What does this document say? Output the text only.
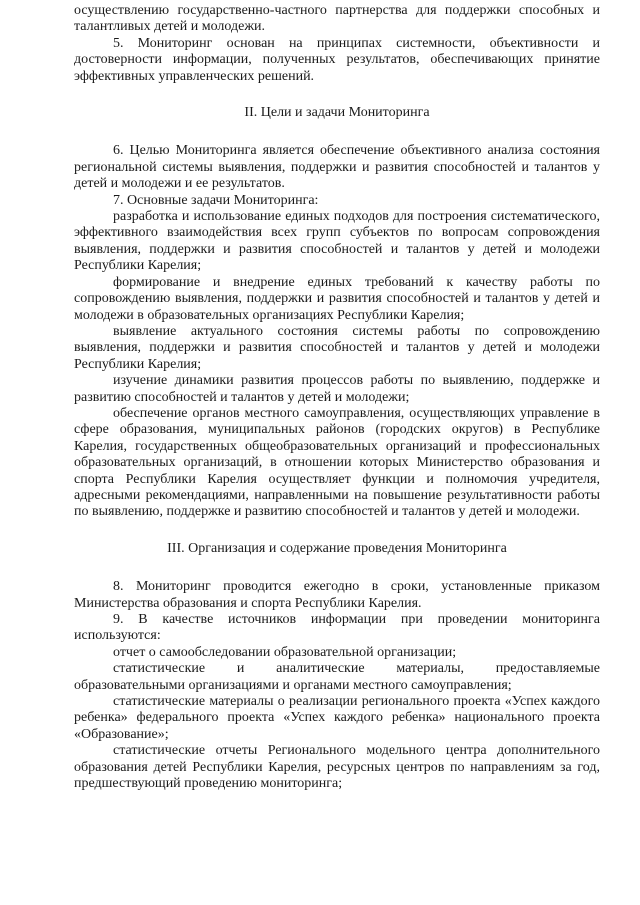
осуществлению государственно-частного партнерства для поддержки способных и талантливых детей и молодежи.

5. Мониторинг основан на принципах системности, объективности и достоверности информации, полученных результатов, обеспечивающих принятие эффективных управленческих решений.

II. Цели и задачи Мониторинга

6. Целью Мониторинга является обеспечение объективного анализа состояния региональной системы выявления, поддержки и развития способностей и талантов у детей и молодежи и ее результатов.

7. Основные задачи Мониторинга:

разработка и использование единых подходов для построения систематического, эффективного взаимодействия всех групп субъектов по вопросам сопровождения выявления, поддержки и развития способностей и талантов у детей и молодежи Республики Карелия;

формирование и внедрение единых требований к качеству работы по сопровождению выявления, поддержки и развития способностей и талантов у детей и молодежи в образовательных организациях Республики Карелия;

выявление актуального состояния системы работы по сопровождению выявления, поддержки и развития способностей и талантов у детей и молодежи Республики Карелия;

изучение динамики развития процессов работы по выявлению, поддержке и развитию способностей и талантов у детей и молодежи;

обеспечение органов местного самоуправления, осуществляющих управление в сфере образования, муниципальных районов (городских округов) в Республике Карелия, государственных общеобразовательных организаций и профессиональных образовательных организаций, в отношении которых Министерство образования и спорта Республики Карелия осуществляет функции и полномочия учредителя, адресными рекомендациями, направленными на повышение результативности работы по выявлению, поддержке и развитию способностей и талантов у детей и молодежи.

III. Организация и содержание проведения Мониторинга

8. Мониторинг проводится ежегодно в сроки, установленные приказом Министерства образования и спорта Республики Карелия.

9. В качестве источников информации при проведении мониторинга используются:

отчет о самообследовании образовательной организации;

статистические и аналитические материалы, предоставляемые образовательными организациями и органами местного самоуправления;

статистические материалы о реализации регионального проекта «Успех каждого ребенка» федерального проекта «Успех каждого ребенка» национального проекта «Образование»;

статистические отчеты Регионального модельного центра дополнительного образования детей Республики Карелия, ресурсных центров по направлениям за год, предшествующий проведению мониторинга;
